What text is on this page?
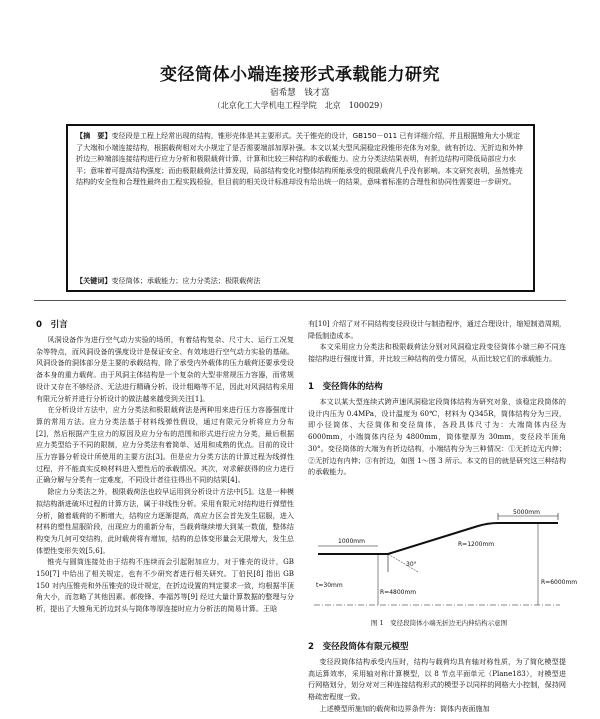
变径筒体小端连接形式承载能力研究
宿希慧　钱才富
（北京化工大学机电工程学院　北京　100029）
【摘　要】变径段是工程上经常出现的结构，锥形壳体是其主要形式。关于锥壳的设计，GB150－011 已有详细介绍，并且根据锥角大小规定了大端和小端连接结构，根据载荷相对大小规定了是否需要端部加厚补强。本文以某大型风洞稳定段锥形壳体为对象，就有折边、无折边和外伸折边三种端部连接结构进行应力分析和极限载荷计算，计算和比较三种结构的承载能力。应力分类法结果表明，有折边结构可降低局部应力水平；意味着可提高结构强度；而由极限载荷法计算发现，局部结构变化对整体结构所能承受的极限载荷几乎没有影响。本文研究表明，虽然锥壳结构的安全性和合理性最终由工程实践检验，但目前的相关设计标准却没有给出统一的结果，意味着标准的合理性和协同性需要进一步研究。
【关键词】变径筒体；承载能力；应力分类法；极限载荷法
0　引言

风洞设备作为进行空气动力实验的场所，有着结构复杂、尺寸大、运行工况复杂等特点，而风洞设备的强度设计是保证安全、有效地进行空气动力实验的基础。风洞设备的洞体部分是主要的承载结构，除了承受内外载体的压力载荷还要承受设备本身的重力载荷。由于风洞主体结构是一个复杂的大型非常规压力容器，而常规设计又存在不够经济、无法进行精确分析、设计粗略等不足，因此对风洞结构采用有限元分析并进行分析设计的做法越来越受到关注[1]。

在分析设计方法中，应力分类法和极限载荷法是两种用来进行压力容器强度计算的常用方法。应力分类法基于材料线弹性假设，通过有限元分析将应力分布[2]，然后根据产生应力的原因及应力分布的范围和形式进行应力分类，最后根据应力类型给予不同的限制，应力分类法有着简单、适用和成熟的优点。目前的设计压力容器分析设计所使用的主要方法[3]。但是应力分类方法的计算过程为线弹性过程，并不能真实反映材料进入塑性后的承载情况。其次，对求解获得的应力进行正确分解与分类有一定难度，不同设计者往往得出不同的结果[4]。

除应力分类法之外，极限载荷法也较早运用到分析设计方法中[5]。这是一种模拟结构渐进破坏过程的计算方法，属于非线性分析。采用有限元对结构进行弹塑性分析，随着载荷的不断增大，结构应力逐渐提高，高应力区会首先发生屈服，进入材料的塑性屈服阶段，出现应力的重新分布，当载荷继续增大到某一数值，整体结构变为几何可变结构，此时载荷将有增加，结构的总体变形量会无限增大，发生总体塑性变形失效[5,6]。

锥壳与圆筒连接处由于结构不连续而会引起附加应力，对于锥壳的设计，GB 150[7] 中给出了相关规定，也有不少研究者进行相关研究。丁伯民[8] 指出 GB 150 对内压锥壳和外压锥壳的设计规定，在折边设置的判定要求一致，均根据半顶角大小，而忽略了其他因素。郝俊锋、李福苏等[9] 经过大量计算数据的整理与分析，提出了大锥角无折边封头与筒体等厚连接时应力分析法的简易计算。王晗

有[10] 介绍了对不同结构变径段设计与制造程序，通过合理设计，缩短制造周期，降低制造成本。

本文采用应力分类法和极限载荷法分别对风洞稳定段变径筒体小端三种不同连接结构进行强度计算，并比较三种结构的受力情况，从而比较它们的承载能力。

1　变径筒体的结构

本文以某大型连续式跨声速风洞稳定段筒体结构为研究对象，该稳定段筒体的设计内压为 0.4MPa，设计温度为 60℃，材料为 Q345R，筒体结构分为三段，即小径筒体、大径筒体和变径筒体，各段具体尺寸为：大端筒体内径为 6000mm，小端筒体内径为 4800mm，筒体壁厚为 30mm，变径段半顶角 30°。变径筒体的大端为有折边结构，小端结构分为三种情况：①无折边无内伸；②无折边有内伸；③有折边，如图 1～图 3 所示。本文的目的就是研究这三种结构的承载能力。

5000mm
1000mm
30°
R=1200mm
t=30mm
R=4800mm
R=6000mm
图 1　变径段筒体小端无折边无内伸结构示意图
2　变径段筒体有限元模型

变径段筒体结构承受内压时，结构与载荷均具有轴对称性质，为了简化模型提高运算效率，采用轴对称计算模型，以 8 节点平面单元（Plane183），对模型进行网格划分，划分对对三种连接结构形式的模型予以同样的网格大小控制，保持网格疏密程度一致。

上述模型所施加的载荷和边界条件为：筒体内表面施加
